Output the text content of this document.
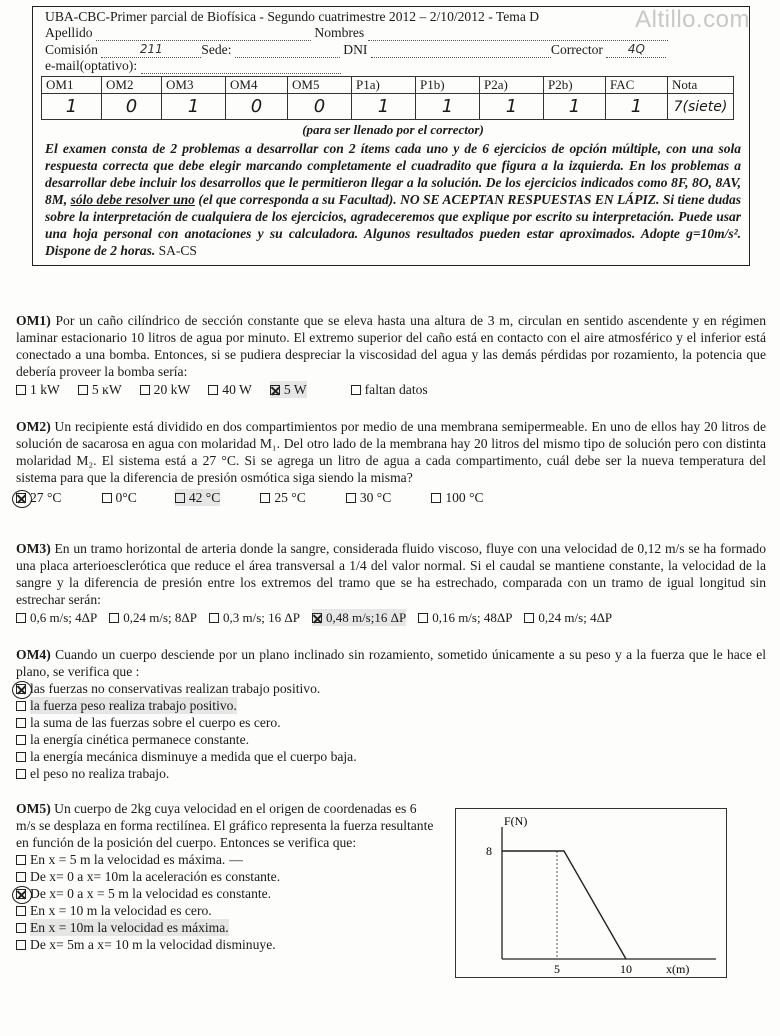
Altillo.com
UBA-CBC-Primer parcial de Biofísica - Segundo cuatrimestre 2012 – 2/10/2012 - Tema D
Apellido	Nombres
Comisión	211	Sede:	DNI	Corrector 4Q
e-mail(optativo):
OM1	OM2	OM3	OM4	OM5	P1a)	P1b)	P2a)	P2b)	FAC	Nota
1	0	1	0	0	1	1	1	1	1	7(siete)
(para ser llenado por el corrector)
El examen consta de 2 problemas a desarrollar con 2 ítems cada uno y de 6 ejercicios de opción múltiple, con una sola respuesta correcta que debe elegir marcando completamente el cuadradito que figura a la izquierda. En los problemas a desarrollar debe incluir los desarrollos que le permitieron llegar a la solución. De los ejercicios indicados como 8F, 8O, 8AV, 8M, sólo debe resolver uno (el que corresponda a su Facultad). NO SE ACEPTAN RESPUESTAS EN LÁPIZ. Si tiene dudas sobre la interpretación de cualquiera de los ejercicios, agradeceremos que explique por escrito su interpretación. Puede usar una hoja personal con anotaciones y su calculadora. Algunos resultados pueden estar aproximados. Adopte g=10m/s². Dispone de 2 horas. SA-CS
OM1) Por un caño cilíndrico de sección constante que se eleva hasta una altura de 3 m, circulan en sentido ascendente y en régimen laminar estacionario 10 litros de agua por minuto. El extremo superior del caño está en contacto con el aire atmosférico y el inferior está conectado a una bomba. Entonces, si se pudiera despreciar la viscosidad del agua y las demás pérdidas por rozamiento, la potencia que debería proveer la bomba sería:
1 kW 5 ĸW 20 kW 40 W 5 W	faltan datos
OM2) Un recipiente está dividido en dos compartimientos por medio de una membrana semipermeable. En uno de ellos hay 20 litros de solución de sacarosa en agua con molaridad M₁. Del otro lado de la membrana hay 20 litros del mismo tipo de solución pero con distinta molaridad M₂. El sistema está a 27 °C. Si se agrega un litro de agua a cada compartimento, cuál debe ser la nueva temperatura del sistema para que la diferencia de presión osmótica siga siendo la misma?
27 °C	0°C	42 °C	25 °C	30 °C	100 °C
OM3) En un tramo horizontal de arteria donde la sangre, considerada fluido viscoso, fluye con una velocidad de 0,12 m/s se ha formado una placa arterioesclerótica que reduce el área transversal a 1/4 del valor normal. Si el caudal se mantiene constante, la velocidad de la sangre y la diferencia de presión entre los extremos del tramo que se ha estrechado, comparada con un tramo de igual longitud sin estrechar serán:
0,6 m/s; 4ΔP 0,24 m/s; 8ΔP 0,3 m/s; 16 ΔP 0,48 m/s;16 ΔP 0,16 m/s; 48ΔP 0,24 m/s; 4ΔP
OM4) Cuando un cuerpo desciende por un plano inclinado sin rozamiento, sometido únicamente a su peso y a la fuerza que le hace el plano, se verifica que :
las fuerzas no conservativas realizan trabajo positivo.
la fuerza peso realiza trabajo positivo.
la suma de las fuerzas sobre el cuerpo es cero.
la energía cinética permanece constante.
la energía mecánica disminuye a medida que el cuerpo baja.
el peso no realiza trabajo.
OM5) Un cuerpo de 2kg cuya velocidad en el origen de coordenadas es 6 m/s se desplaza en forma rectilínea. El gráfico representa la fuerza resultante en función de la posición del cuerpo. Entonces se verifica que:
En x = 5 m la velocidad es máxima. —
De x= 0 a x= 10m la aceleración es constante.
De x= 0 a x = 5 m la velocidad es constante.
En x = 10 m la velocidad es cero.
En x = 10m la velocidad es máxima.
De x= 5m a x= 10 m la velocidad disminuye.
F(N)
x(m)
8
5	10
